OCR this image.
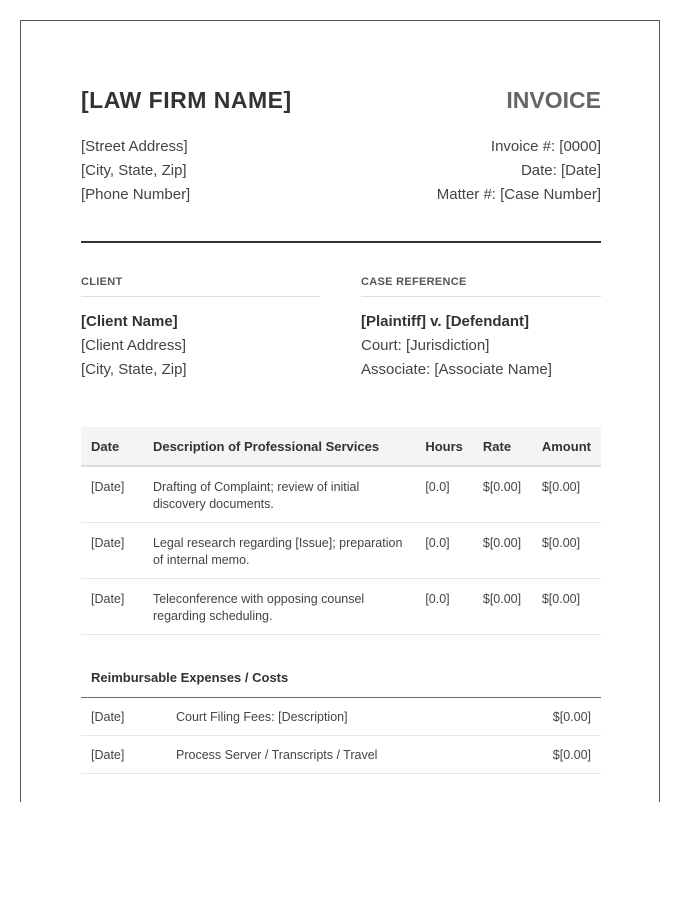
[LAW FIRM NAME]	INVOICE
[Street Address]
[City, State, Zip]
[Phone Number]
Invoice #: [0000]
Date: [Date]
Matter #: [Case Number]
CLIENT	CASE REFERENCE
[Client Name]
[Client Address]
[City, State, Zip]
[Plaintiff] v. [Defendant]
Court: [Jurisdiction]
Associate: [Associate Name]
Date	Description of Professional Services	Hours	Rate	Amount
[Date]	Drafting of Complaint; review of initial discovery documents.	[0.0]	$[0.00]	$[0.00]
[Date]	Legal research regarding [Issue]; preparation of internal memo.	[0.0]	$[0.00]	$[0.00]
[Date]	Teleconference with opposing counsel regarding scheduling.	[0.0]	$[0.00]	$[0.00]
Reimbursable Expenses / Costs
[Date]	Court Filing Fees: [Description]	$[0.00]
[Date]	Process Server / Transcripts / Travel	$[0.00]
